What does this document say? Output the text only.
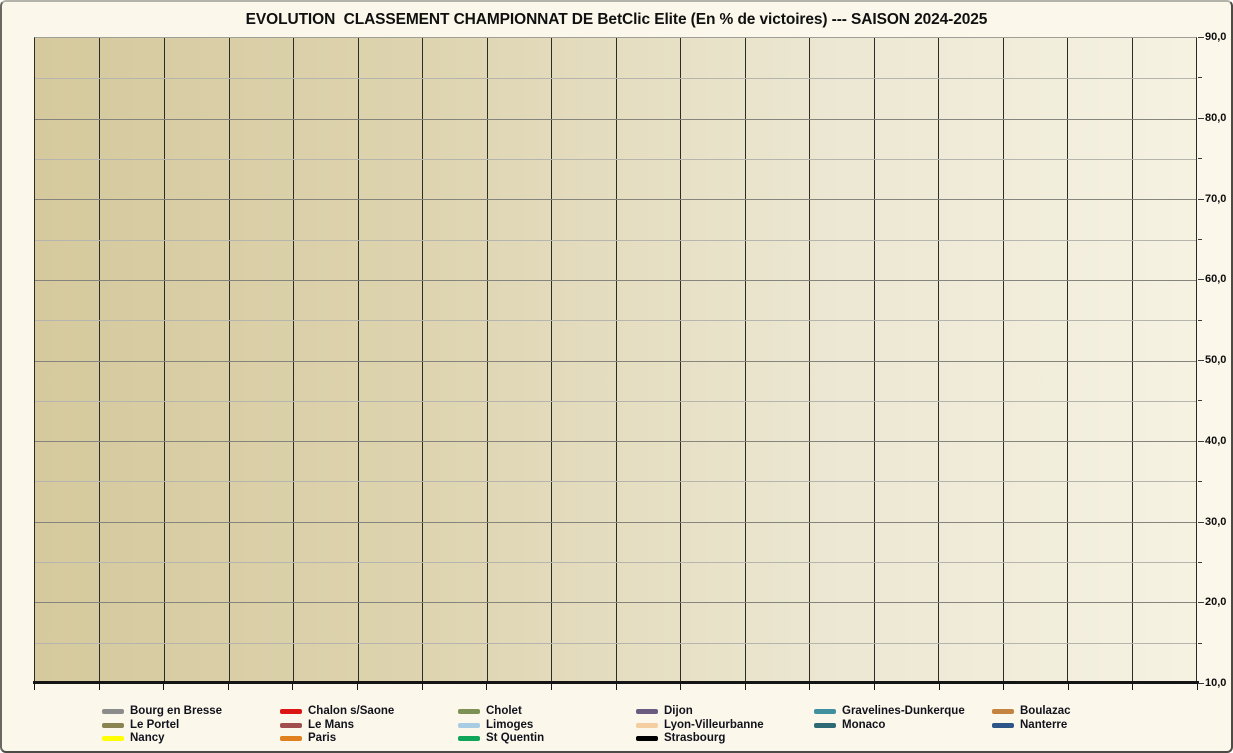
EVOLUTION  CLASSEMENT CHAMPIONNAT DE BetClic Elite (En % de victoires) --- SAISON 2024-2025
90,0
80,0
70,0
60,0
50,0
40,0
30,0
20,0
10,0
Bourg en Bresse	Chalon s/Saone	Cholet	Dijon	Gravelines-Dunkerque	Boulazac
Le Portel	Le Mans	Limoges	Lyon-Villeurbanne	Monaco	Nanterre
Nancy	Paris	St Quentin	Strasbourg
